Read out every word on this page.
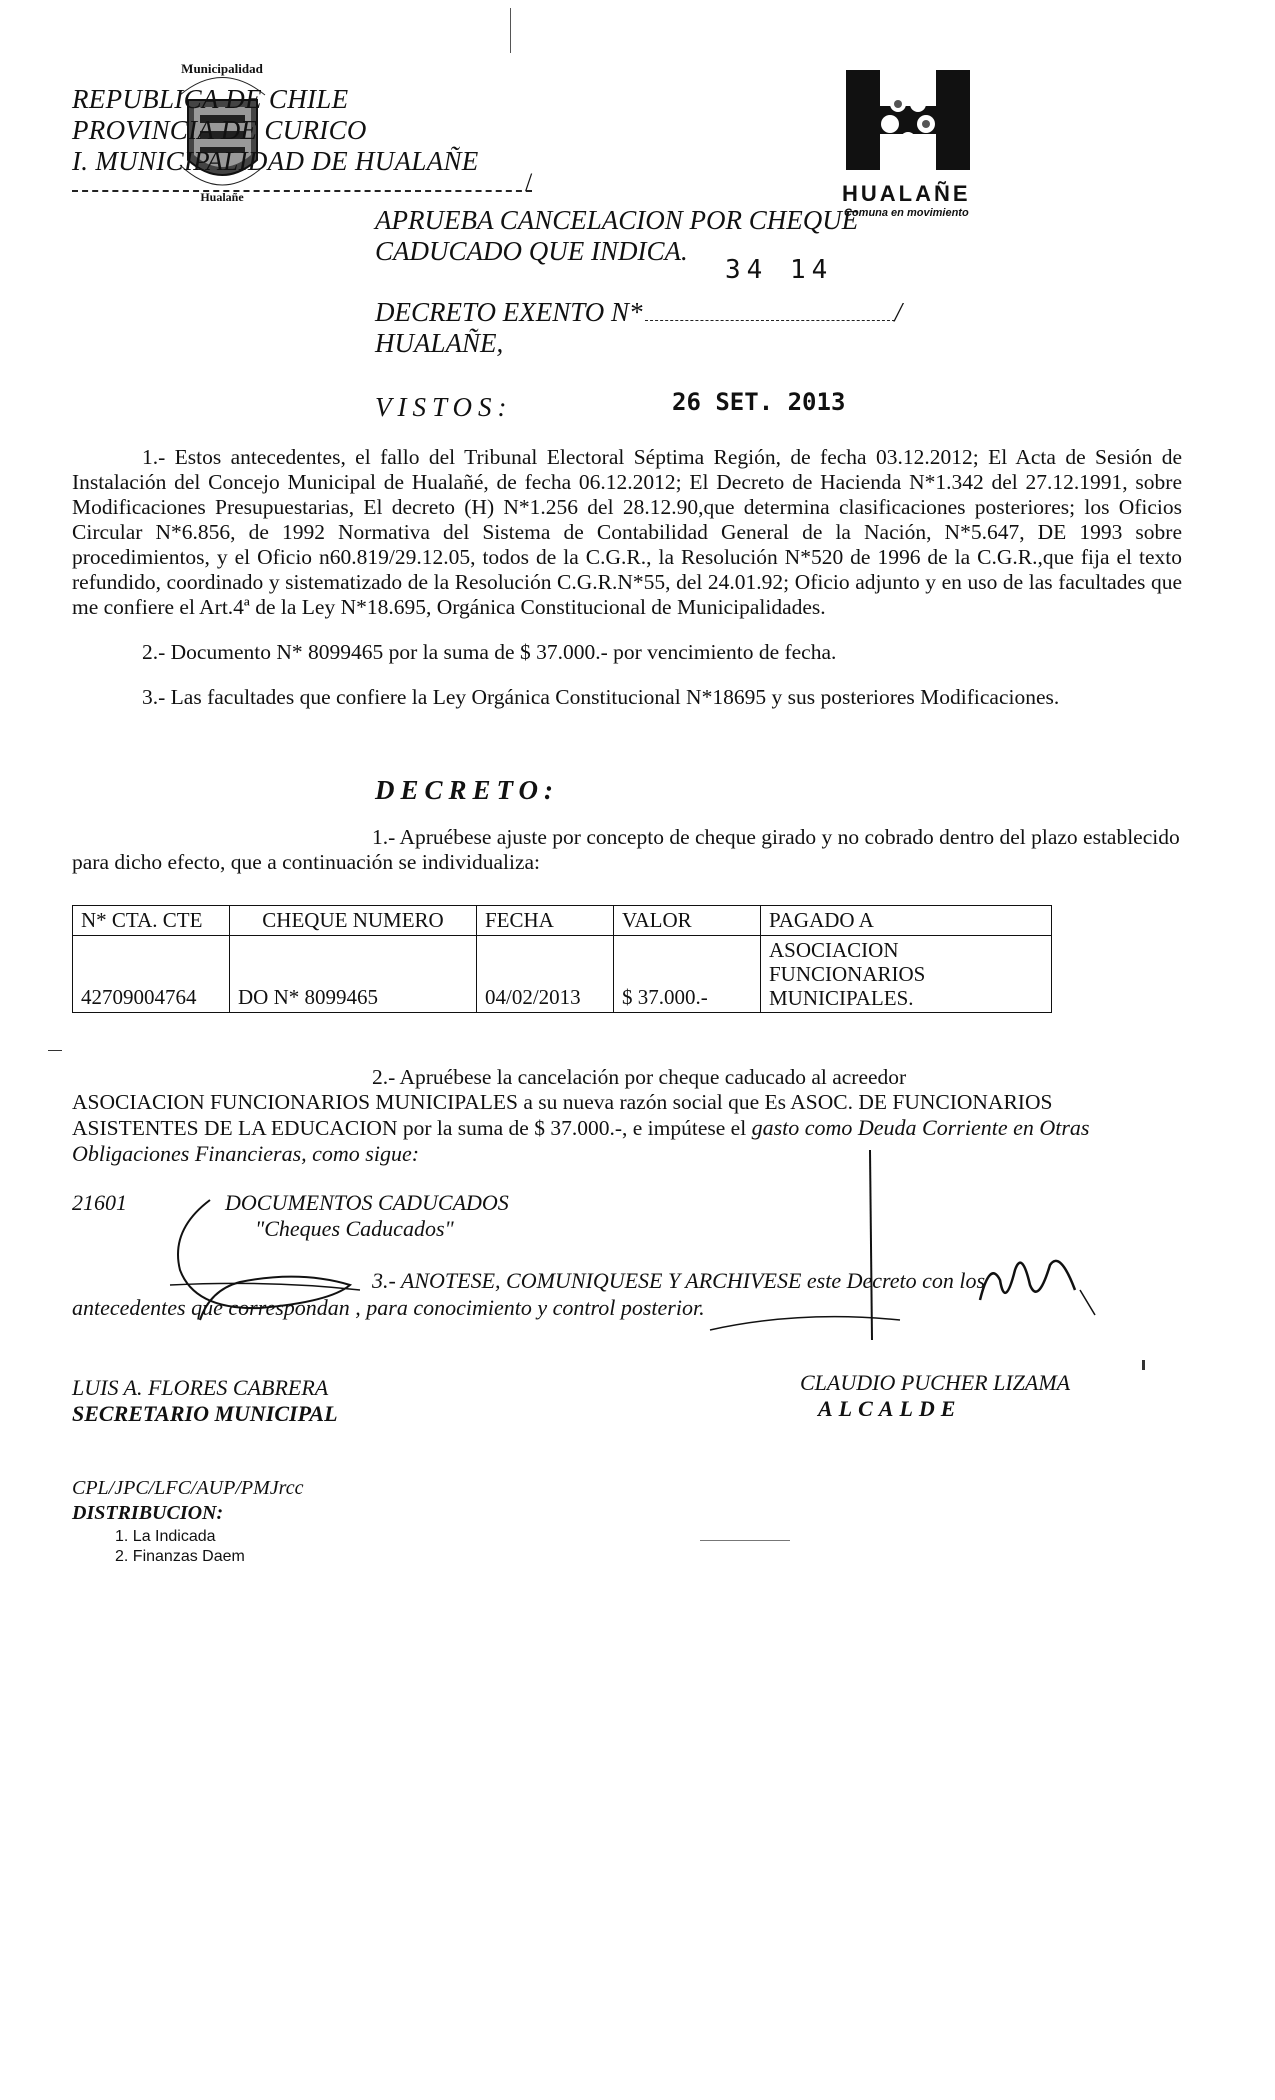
Municipalidad
Hualañe
REPUBLICA DE CHILE
PROVINCIA DE CURICO
I. MUNICIPALIDAD DE HUALAÑE
/	HUALAÑE
Comuna en movimiento
APRUEBA CANCELACION POR CHEQUE
CADUCADO QUE INDICA.
34 14
DECRETO EXENTO N*	/
HUALAÑE,
VISTOS:	26 SET. 2013

1.- Estos antecedentes, el fallo del Tribunal Electoral Séptima Región, de fecha 03.12.2012; El Acta de Sesión de Instalación del Concejo Municipal de Hualañé, de fecha 06.12.2012; El Decreto de Hacienda N*1.342 del 27.12.1991, sobre Modificaciones Presupuestarias, El decreto (H) N*1.256 del 28.12.90,que determina clasificaciones posteriores; los Oficios Circular N*6.856, de 1992 Normativa del Sistema de Contabilidad General de la Nación, N*5.647, DE 1993 sobre procedimientos, y el Oficio n60.819/29.12.05, todos de la C.G.R., la Resolución N*520 de 1996 de la C.G.R.,que fija el texto refundido, coordinado y sistematizado de la Resolución C.G.R.N*55, del 24.01.92; Oficio adjunto y en uso de las facultades que me confiere el Art.4ª de la Ley N*18.695, Orgánica Constitucional de Municipalidades.

2.- Documento N* 8099465 por la suma de $ 37.000.- por vencimiento de fecha.

3.- Las facultades que confiere la Ley Orgánica Constitucional N*18695 y sus posteriores Modificaciones.

DECRETO:

1.- Apruébese ajuste por concepto de cheque girado y no cobrado dentro del plazo establecido para dicho efecto, que a continuación se individualiza:

N* CTA. CTE	CHEQUE NUMERO	FECHA	VALOR	PAGADO A
42709004764	DO N* 8099465	04/02/2013	$ 37.000.-	ASOCIACION FUNCIONARIOS MUNICIPALES.

2.- Apruébese la cancelación por cheque caducado al acreedor

ASOCIACION FUNCIONARIOS MUNICIPALES a su nueva razón social que Es ASOC. DE FUNCIONARIOS ASISTENTES DE LA EDUCACION por la suma de $ 37.000.-, e impútese el gasto como Deuda Corriente en Otras Obligaciones Financieras, como sigue:

21601	DOCUMENTOS CADUCADOS
"Cheques Caducados"
3.- ANOTESE, COMUNIQUESE Y ARCHIVESE este Decreto con los
antecedentes que correspondan , para conocimiento y control posterior.
LUIS A. FLORES CABRERA
SECRETARIO MUNICIPAL
CLAUDIO PUCHER LIZAMA
ALCALDE
CPL/JPC/LFC/AUP/PMJrcc
DISTRIBUCION:
1. La Indicada
2. Finanzas Daem
